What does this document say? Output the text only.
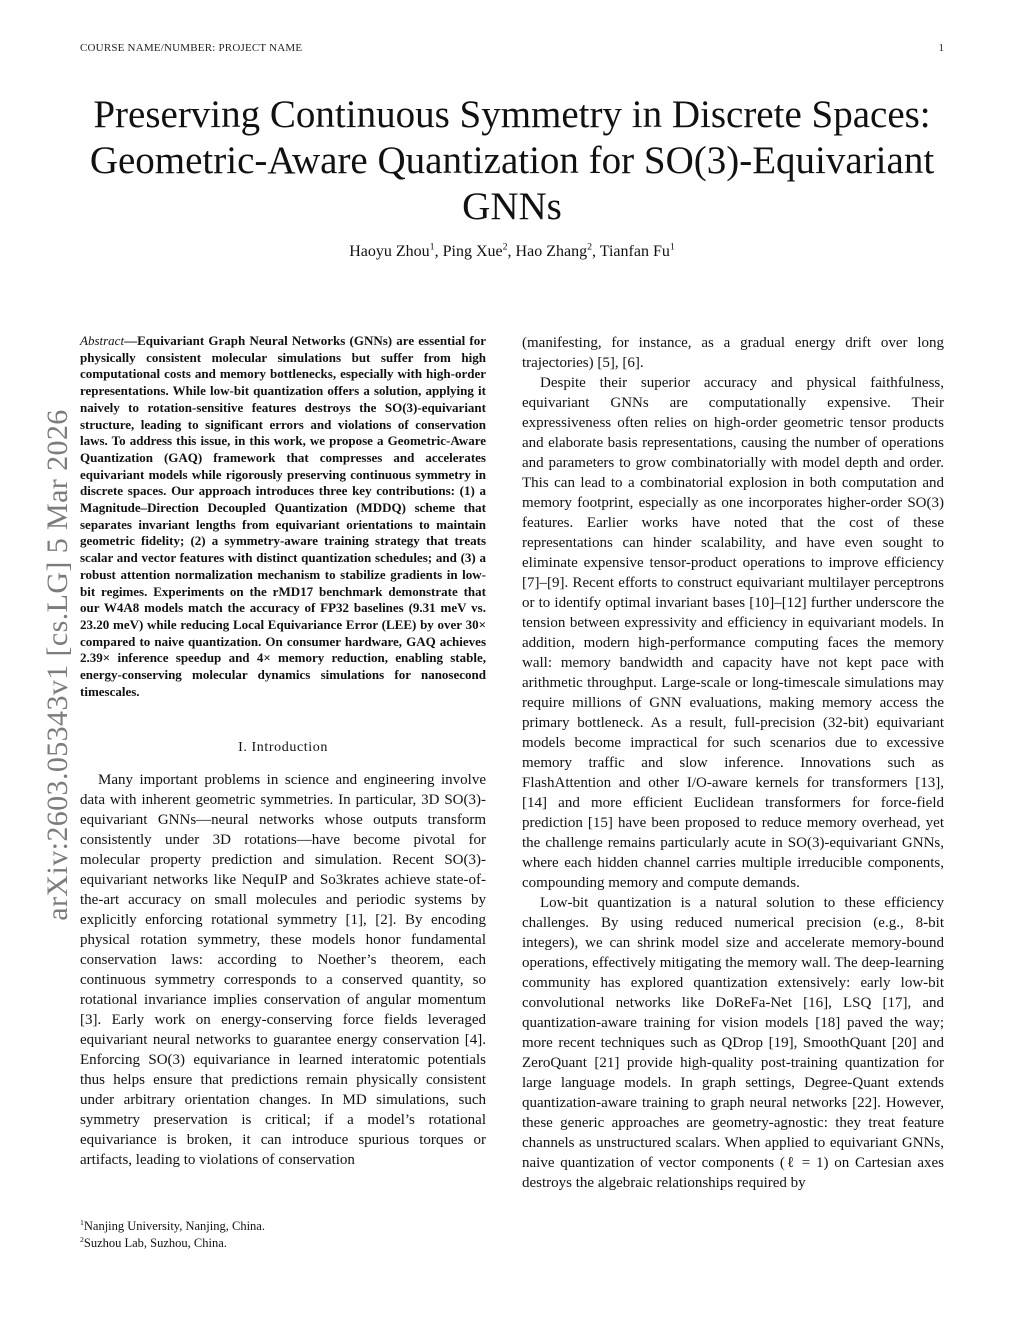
COURSE NAME/NUMBER: PROJECT NAME	1
arXiv:2603.05343v1 [cs.LG] 5 Mar 2026
Preserving Continuous Symmetry in Discrete Spaces: Geometric-Aware Quantization for SO(3)-Equivariant GNNs
Haoyu Zhou$^1$, Ping Xue$^2$, Hao Zhang$^2$, Tianfan Fu$^1$

Abstract—Equivariant Graph Neural Networks (GNNs) are essential for physically consistent molecular simulations but suffer from high computational costs and memory bottlenecks, especially with high-order representations. While low-bit quantization offers a solution, applying it naively to rotation-sensitive features destroys the SO(3)-equivariant structure, leading to significant errors and violations of conservation laws. To address this issue, in this work, we propose a Geometric-Aware Quantization (GAQ) framework that compresses and accelerates equivariant models while rigorously preserving continuous symmetry in discrete spaces. Our approach introduces three key contributions: (1) a Magnitude–Direction Decoupled Quantization (MDDQ) scheme that separates invariant lengths from equivariant orientations to maintain geometric fidelity; (2) a symmetry-aware training strategy that treats scalar and vector features with distinct quantization schedules; and (3) a robust attention normalization mechanism to stabilize gradients in low-bit regimes. Experiments on the rMD17 benchmark demonstrate that our W4A8 models match the accuracy of FP32 baselines (9.31 meV vs. 23.20 meV) while reducing Local Equivariance Error (LEE) by over 30× compared to naive quantization. On consumer hardware, GAQ achieves 2.39× inference speedup and 4× memory reduction, enabling stable, energy-conserving molecular dynamics simulations for nanosecond timescales.

I. Introduction

Many important problems in science and engineering involve data with inherent geometric symmetries. In particular, 3D SO(3)-equivariant GNNs—neural networks whose outputs transform consistently under 3D rotations—have become pivotal for molecular property prediction and simulation. Recent SO(3)-equivariant networks like NequIP and So3krates achieve state-of-the-art accuracy on small molecules and periodic systems by explicitly enforcing rotational symmetry [1], [2]. By encoding physical rotation symmetry, these models honor fundamental conservation laws: according to Noether’s theorem, each continuous symmetry corresponds to a conserved quantity, so rotational invariance implies conservation of angular momentum [3]. Early work on energy-conserving force fields leveraged equivariant neural networks to guarantee energy conservation [4]. Enforcing SO(3) equivariance in learned interatomic potentials thus helps ensure that predictions remain physically consistent under arbitrary orientation changes. In MD simulations, such symmetry preservation is critical; if a model’s rotational equivariance is broken, it can introduce spurious torques or artifacts, leading to violations of conservation

$^1$Nanjing University, Nanjing, China.
$^2$Suzhou Lab, Suzhou, China.

(manifesting, for instance, as a gradual energy drift over long trajectories) [5], [6].

Despite their superior accuracy and physical faithfulness, equivariant GNNs are computationally expensive. Their expressiveness often relies on high-order geometric tensor products and elaborate basis representations, causing the number of operations and parameters to grow combinatorially with model depth and order. This can lead to a combinatorial explosion in both computation and memory footprint, especially as one incorporates higher-order SO(3) features. Earlier works have noted that the cost of these representations can hinder scalability, and have even sought to eliminate expensive tensor-product operations to improve efficiency [7]–[9]. Recent efforts to construct equivariant multilayer perceptrons or to identify optimal invariant bases [10]–[12] further underscore the tension between expressivity and efficiency in equivariant models. In addition, modern high-performance computing faces the memory wall: memory bandwidth and capacity have not kept pace with arithmetic throughput. Large-scale or long-timescale simulations may require millions of GNN evaluations, making memory access the primary bottleneck. As a result, full-precision (32-bit) equivariant models become impractical for such scenarios due to excessive memory traffic and slow inference. Innovations such as FlashAttention and other I/O-aware kernels for transformers [13], [14] and more efficient Euclidean transformers for force-field prediction [15] have been proposed to reduce memory overhead, yet the challenge remains particularly acute in SO(3)-equivariant GNNs, where each hidden channel carries multiple irreducible components, compounding memory and compute demands.

Low-bit quantization is a natural solution to these efficiency challenges. By using reduced numerical precision (e.g., 8-bit integers), we can shrink model size and accelerate memory-bound operations, effectively mitigating the memory wall. The deep-learning community has explored quantization extensively: early low-bit convolutional networks like DoReFa-Net [16], LSQ [17], and quantization-aware training for vision models [18] paved the way; more recent techniques such as QDrop [19], SmoothQuant [20] and ZeroQuant [21] provide high-quality post-training quantization for large language models. In graph settings, Degree-Quant extends quantization-aware training to graph neural networks [22]. However, these generic approaches are geometry-agnostic: they treat feature channels as unstructured scalars. When applied to equivariant GNNs, naive quantization of vector components (ℓ = 1) on Cartesian axes destroys the algebraic relationships required by
